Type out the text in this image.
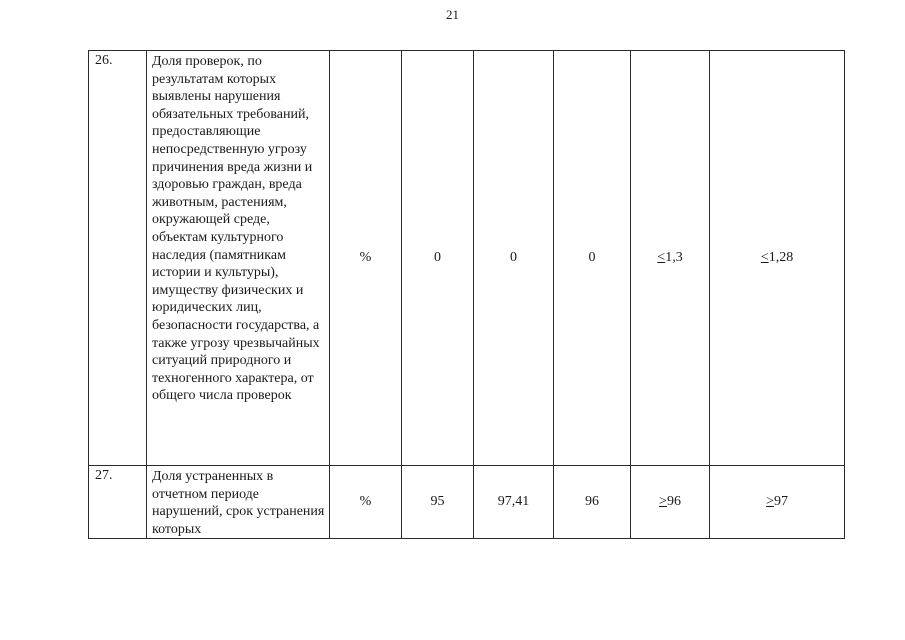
21
26.	Доля проверок, по результатам которых выявлены нарушения обязательных требований, предоставляющие непосредственную угрозу причинения вреда жизни и здоровью граждан, вреда животным, растениям, окружающей среде, объектам культурного наследия (памятникам истории и культуры), имуществу физических и юридических лиц, безопасности государства, а также угрозу чрезвычайных ситуаций природного и техногенного характера, от общего числа проверок	%	0	0	0	<1,3	<1,28
27.	Доля устраненных в отчетном периоде нарушений, срок устранения которых	%	95	97,41	96	>96	>97
